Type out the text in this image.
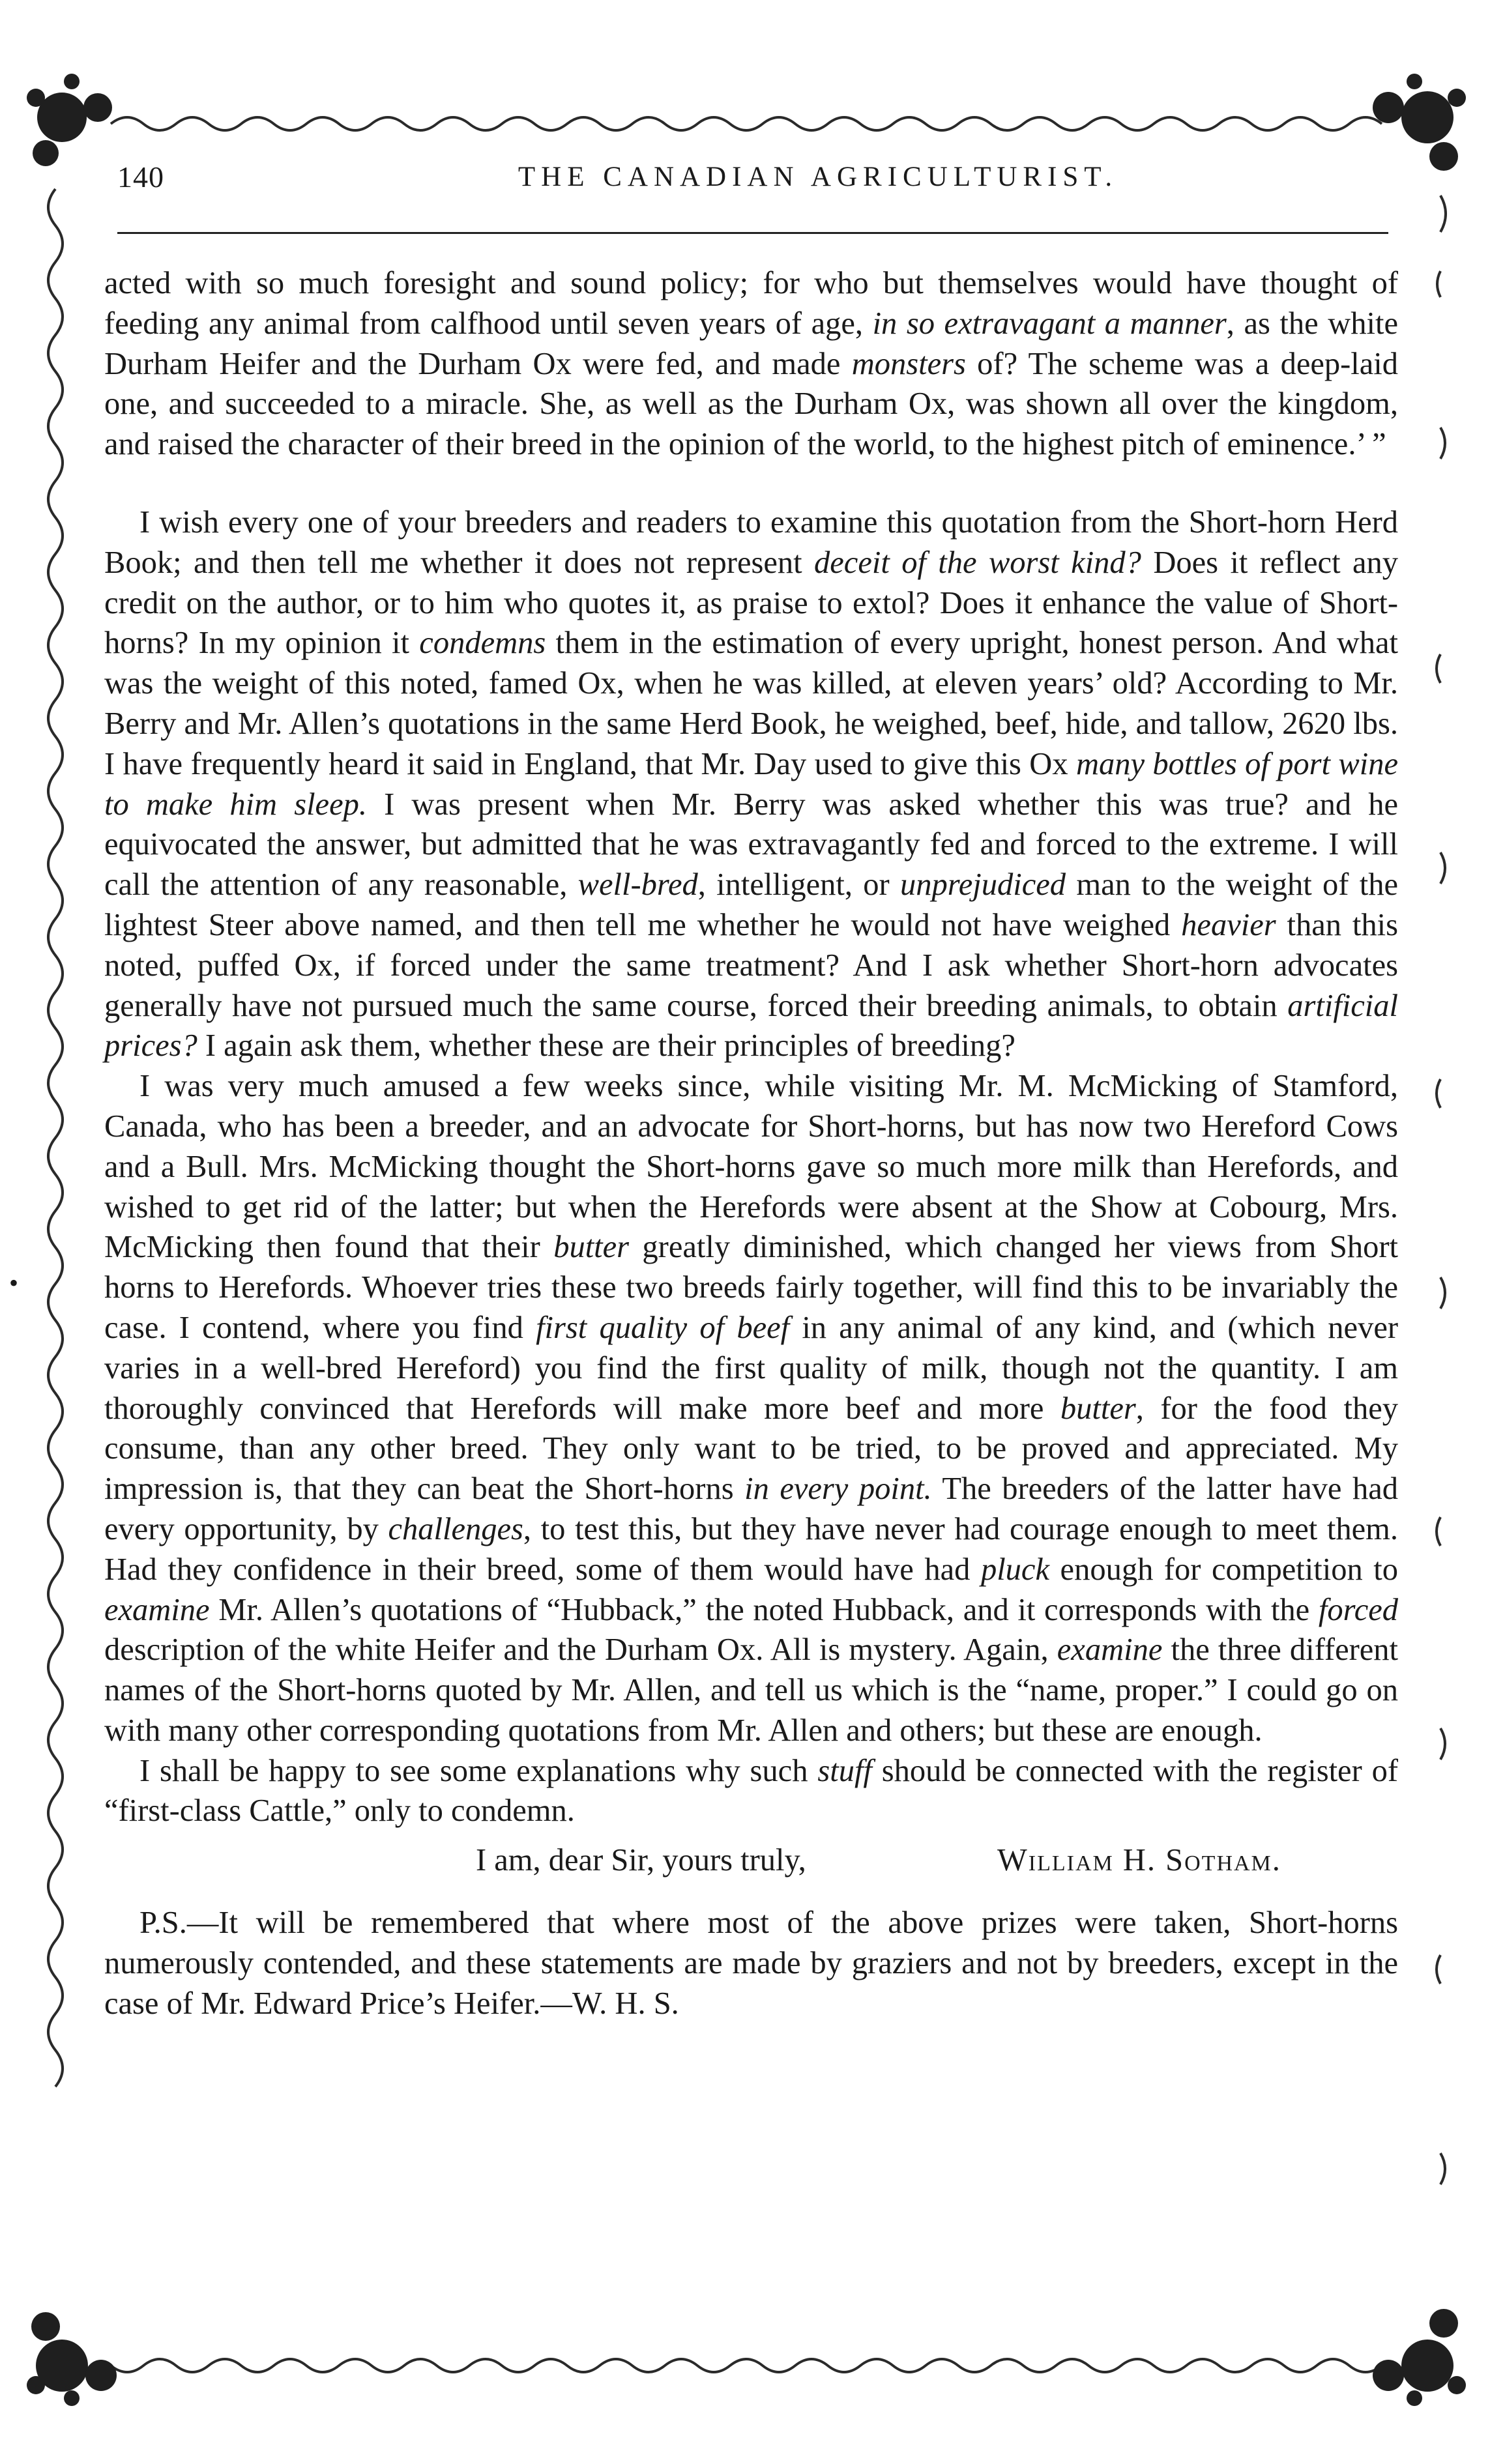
140	THE CANADIAN AGRICULTURIST.
•

acted with so much foresight and sound policy; for who but themselves would have thought of feeding any animal from calfhood until seven years of age, in so extravagant a manner, as the white Durham Heifer and the Durham Ox were fed, and made monsters of? The scheme was a deep-laid one, and succeeded to a miracle. She, as well as the Durham Ox, was shown all over the kingdom, and raised the character of their breed in the opinion of the world, to the highest pitch of eminence.’ ”

I wish every one of your breeders and readers to examine this quotation from the Short-horn Herd Book; and then tell me whether it does not represent deceit of the worst kind? Does it reflect any credit on the author, or to him who quotes it, as praise to extol? Does it enhance the value of Short-horns? In my opinion it condemns them in the estimation of every upright, honest person. And what was the weight of this noted, famed Ox, when he was killed, at eleven years’ old? According to Mr. Berry and Mr. Allen’s quotations in the same Herd Book, he weighed, beef, hide, and tallow, 2620 lbs. I have frequently heard it said in England, that Mr. Day used to give this Ox many bottles of port wine to make him sleep. I was present when Mr. Berry was asked whether this was true? and he equivocated the answer, but admitted that he was extravagantly fed and forced to the extreme. I will call the attention of any reasonable, well-bred, intelligent, or unprejudiced man to the weight of the lightest Steer above named, and then tell me whether he would not have weighed heavier than this noted, puffed Ox, if forced under the same treatment? And I ask whether Short-horn advocates generally have not pursued much the same course, forced their breeding animals, to obtain artificial prices? I again ask them, whether these are their principles of breeding?

I was very much amused a few weeks since, while visiting Mr. M. McMicking of Stamford, Canada, who has been a breeder, and an advocate for Short-horns, but has now two Hereford Cows and a Bull. Mrs. McMicking thought the Short-horns gave so much more milk than Herefords, and wished to get rid of the latter; but when the Herefords were absent at the Show at Cobourg, Mrs. McMicking then found that their butter greatly diminished, which changed her views from Short horns to Herefords. Whoever tries these two breeds fairly together, will find this to be invariably the case. I contend, where you find first quality of beef in any animal of any kind, and (which never varies in a well-bred Hereford) you find the first quality of milk, though not the quantity. I am thoroughly convinced that Herefords will make more beef and more butter, for the food they consume, than any other breed. They only want to be tried, to be proved and appreciated. My impression is, that they can beat the Short-horns in every point. The breeders of the latter have had every opportunity, by challenges, to test this, but they have never had courage enough to meet them. Had they confidence in their breed, some of them would have had pluck enough for competition to examine Mr. Allen’s quotations of “Hubback,” the noted Hubback, and it corresponds with the forced description of the white Heifer and the Durham Ox. All is mystery. Again, examine the three different names of the Short-horns quoted by Mr. Allen, and tell us which is the “name, proper.” I could go on with many other corresponding quotations from Mr. Allen and others; but these are enough.

I shall be happy to see some explanations why such stuff should be connected with the register of “first-class Cattle,” only to condemn.

I am, dear Sir, yours truly,	William H. Sotham.

P.S.—It will be remembered that where most of the above prizes were taken, Short-horns numerously contended, and these statements are made by graziers and not by breeders, except in the case of Mr. Edward Price’s Heifer.—W. H. S.
